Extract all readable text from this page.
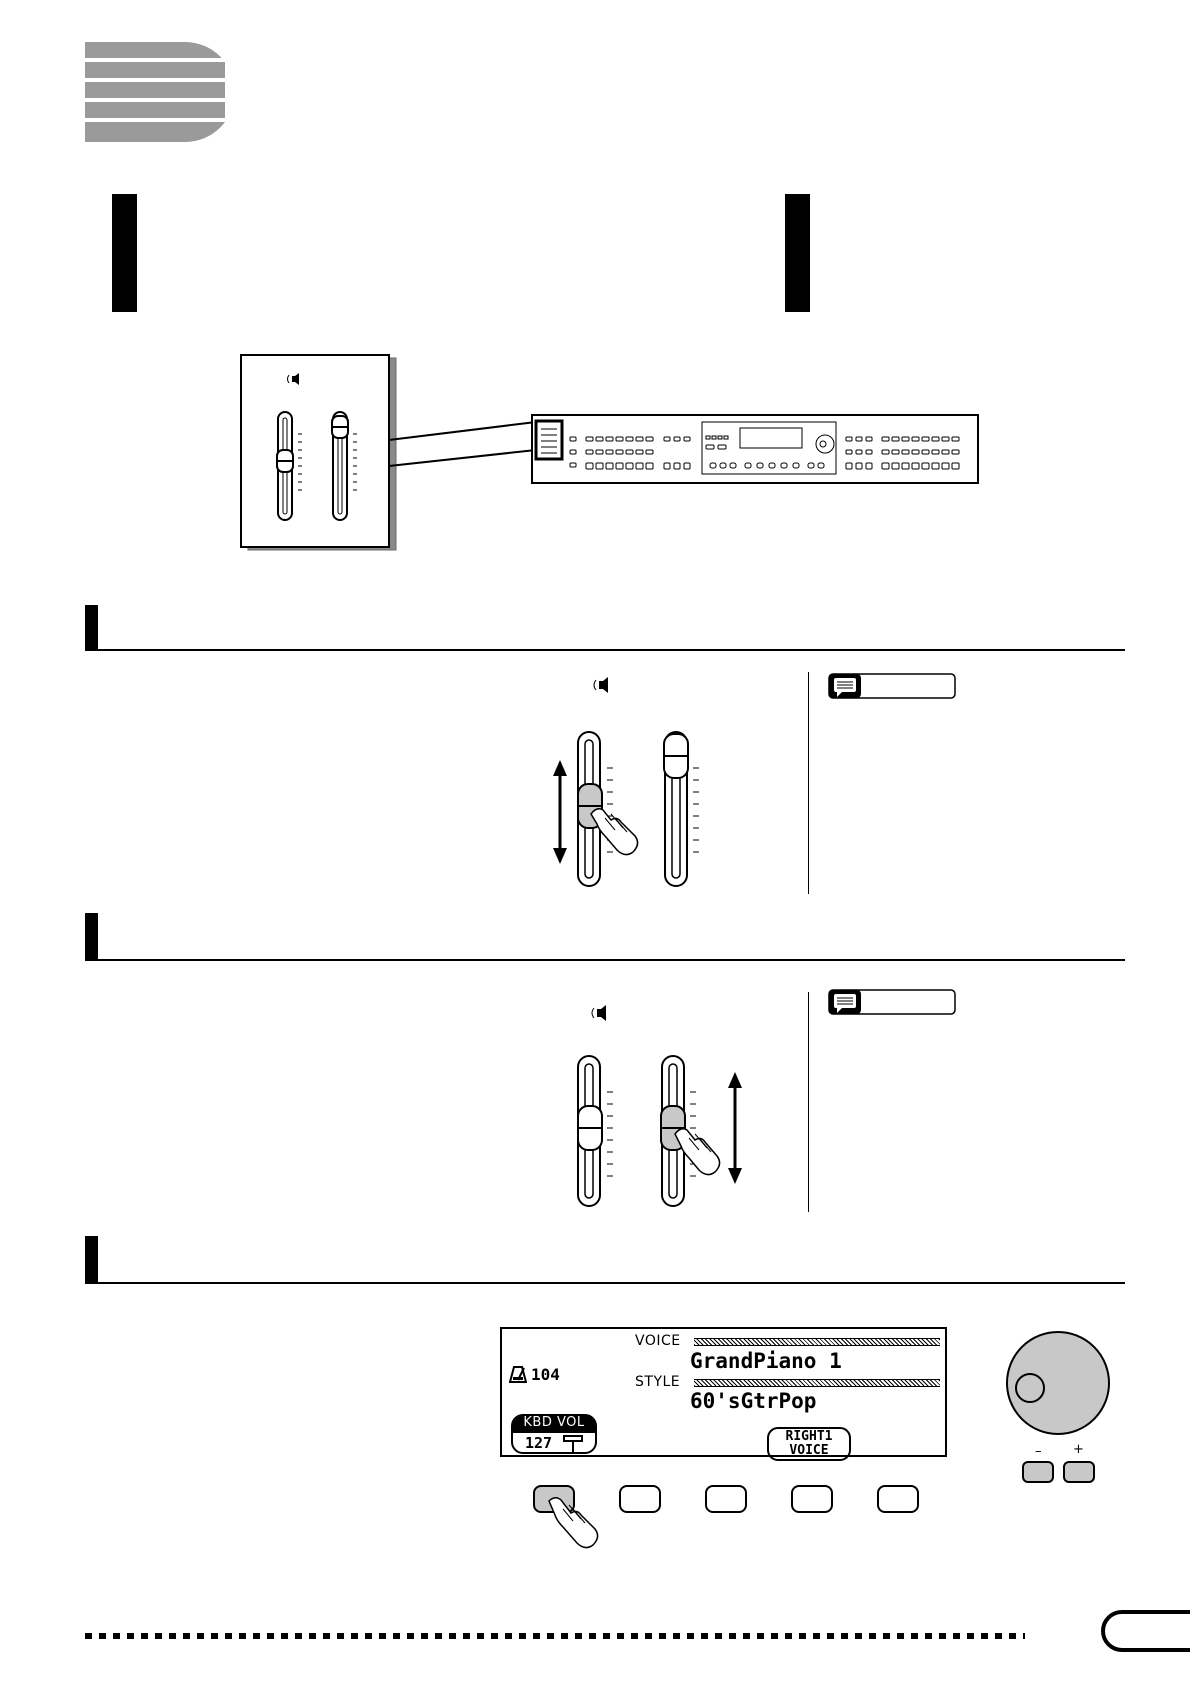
104
VOICE
GrandPiano 1
STYLE
60'sGtrPop
KBD VOL
127	RIGHT1
VOICE	– +
